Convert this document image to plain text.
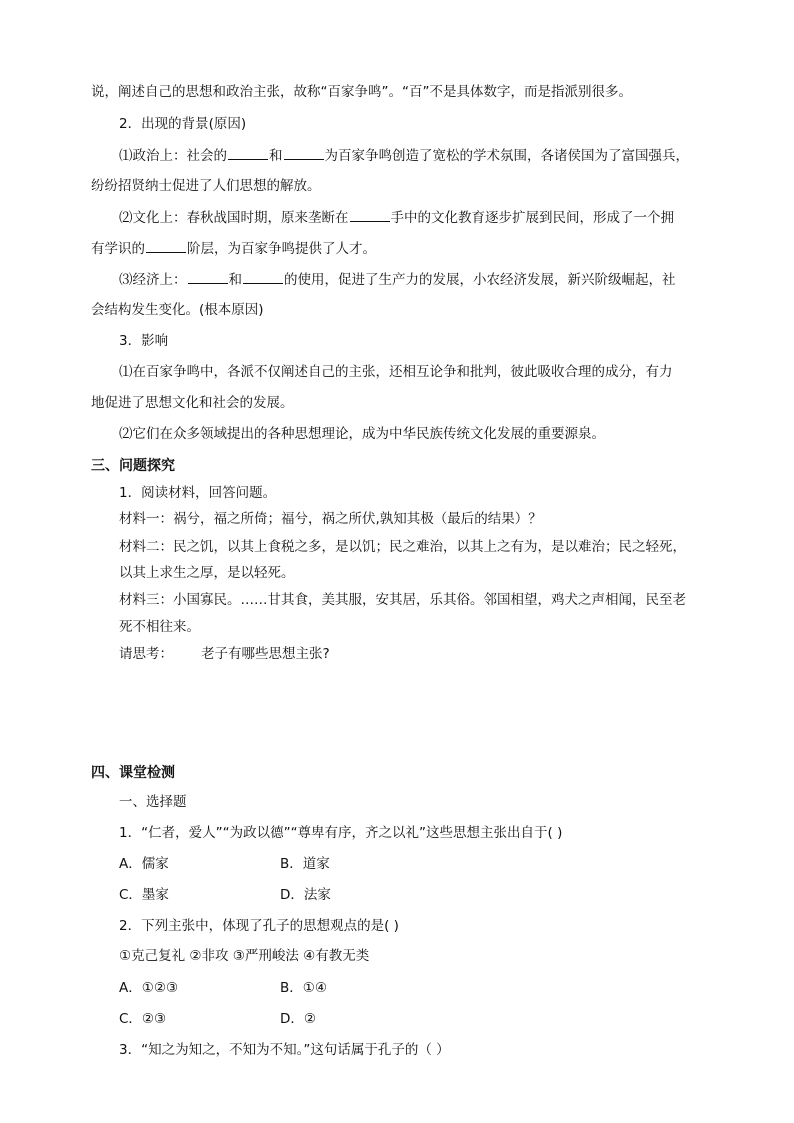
说，阐述自己的思想和政治主张，故称“百家争鸣”。“百”不是具体数字，而是指派别很多。
2．出现的背景(原因)
⑴政治上：社会的	和	为百家争鸣创造了宽松的学术氛围，各诸侯国为了富国强兵，
纷纷招贤纳士促进了人们思想的解放。
⑵文化上：春秋战国时期，原来垄断在	手中的文化教育逐步扩展到民间，形成了一个拥
有学识的	阶层，为百家争鸣提供了人才。
⑶经济上：	和	的使用，促进了生产力的发展，小农经济发展，新兴阶级崛起，社
会结构发生变化。(根本原因)
3．影响
⑴在百家争鸣中，各派不仅阐述自己的主张，还相互论争和批判，彼此吸收合理的成分，有力
地促进了思想文化和社会的发展。
⑵它们在众多领域提出的各种思想理论，成为中华民族传统文化发展的重要源泉。
三、问题探究
1．阅读材料，回答问题。
材料一：祸兮，福之所倚；福兮，祸之所伏,孰知其极（最后的结果）？
材料二：民之饥，以其上食税之多，是以饥；民之难治，以其上之有为，是以难治；民之轻死，
以其上求生之厚，是以轻死。
材料三：小国寡民。……甘其食，美其服，安其居，乐其俗。邻国相望，鸡犬之声相闻，民至老
死不相往来。
请思考： 老子有哪些思想主张?
四、课堂检测
一、选择题
1．“仁者，爱人”“为政以德”“尊卑有序，齐之以礼”这些思想主张出自于( )
A．儒家	B．道家
C．墨家	D．法家
2．下列主张中，体现了孔子的思想观点的是( )
①克己复礼 ②非攻 ③严刑峻法 ④有教无类
A．①②③	B．①④
C．②③	D．②
3．“知之为知之，不知为不知。”这句话属于孔子的（ ）
